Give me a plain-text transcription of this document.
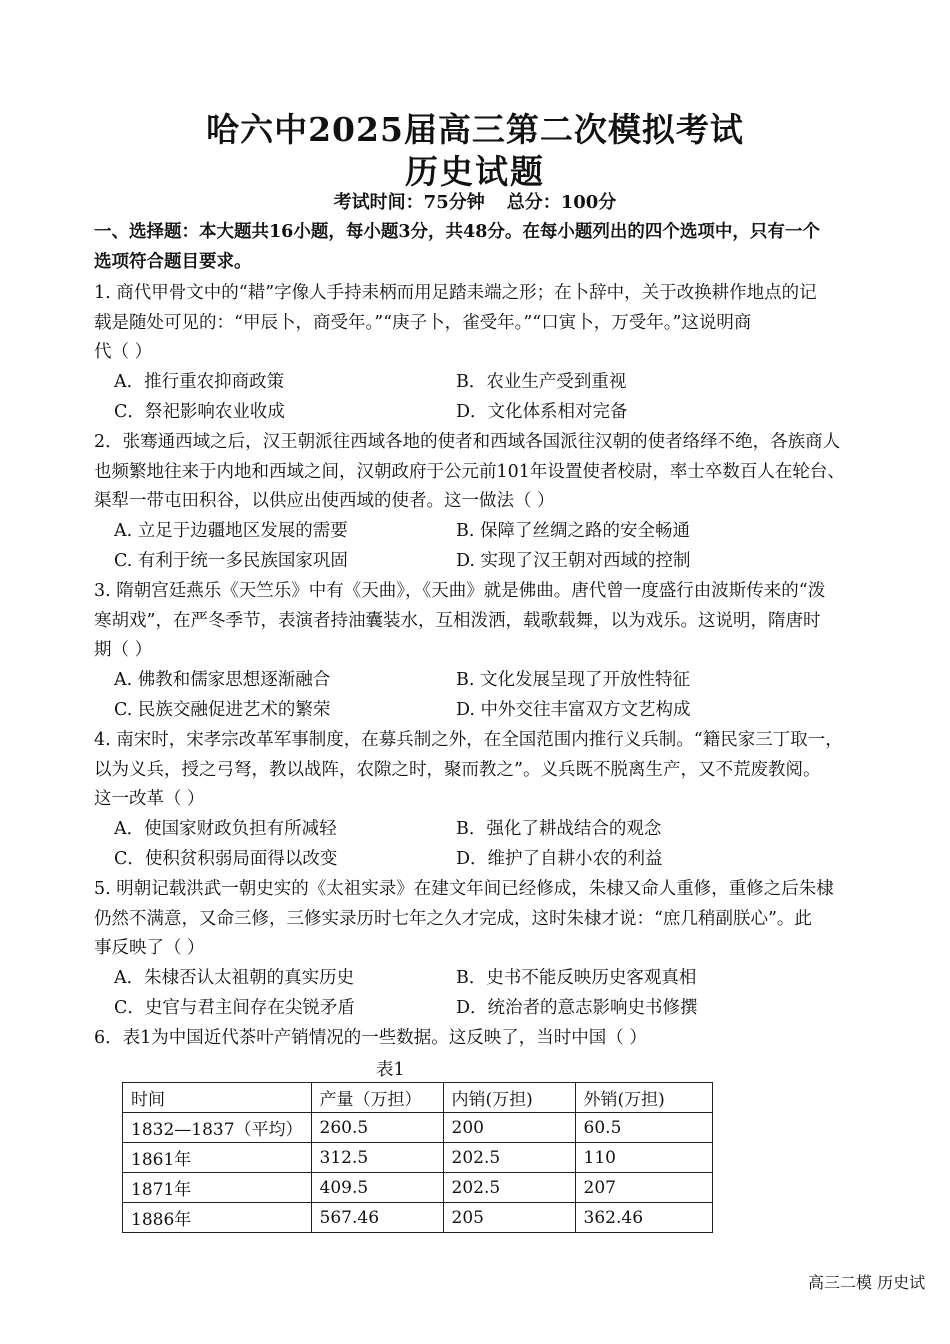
哈六中2025届高三第二次模拟考试
历史试题
考试时间：75分钟 总分：100分
一、选择题：本大题共16小题，每小题3分，共48分。在每小题列出的四个选项中，只有一个
选项符合题目要求。
1. 商代甲骨文中的“耤”字像人手持耒柄而用足踏耒端之形；在卜辞中，关于改换耕作地点的记
载是随处可见的：“甲辰卜，商受年。”“庚子卜，雀受年。”“口寅卜，万受年。”这说明商
代（ ）
A．推行重农抑商政策	B．农业生产受到重视
C．祭祀影响农业收成	D．文化体系相对完备
2．张骞通西域之后，汉王朝派往西域各地的使者和西域各国派往汉朝的使者络绎不绝，各族商人
也频繁地往来于内地和西域之间，汉朝政府于公元前101年设置使者校尉，率士卒数百人在轮台、
渠犁一带屯田积谷，以供应出使西域的使者。这一做法（ ）
A. 立足于边疆地区发展的需要	B. 保障了丝绸之路的安全畅通
C. 有利于统一多民族国家巩固	D. 实现了汉王朝对西域的控制
3. 隋朝宫廷燕乐《天竺乐》中有《天曲》，《天曲》就是佛曲。唐代曾一度盛行由波斯传来的“泼
寒胡戏”，在严冬季节，表演者持油囊装水，互相泼洒，载歌载舞，以为戏乐。这说明，隋唐时
期（ ）
A. 佛教和儒家思想逐渐融合	B. 文化发展呈现了开放性特征
C. 民族交融促进艺术的繁荣	D. 中外交往丰富双方文艺构成
4. 南宋时，宋孝宗改革军事制度，在募兵制之外，在全国范围内推行义兵制。“籍民家三丁取一，
以为义兵，授之弓弩，教以战阵，农隙之时，聚而教之”。义兵既不脱离生产，又不荒废教阅。
这一改革（ ）
A．使国家财政负担有所减轻	B．强化了耕战结合的观念
C．使积贫积弱局面得以改变	D．维护了自耕小农的利益
5. 明朝记载洪武一朝史实的《太祖实录》在建文年间已经修成，朱棣又命人重修，重修之后朱棣
仍然不满意，又命三修，三修实录历时七年之久才完成，这时朱棣才说：“庶几稍副朕心”。此
事反映了（ ）
A．朱棣否认太祖朝的真实历史	B．史书不能反映历史客观真相
C．史官与君主间存在尖锐矛盾	D．统治者的意志影响史书修撰
6．表1为中国近代茶叶产销情况的一些数据。这反映了，当时中国（ ）
表1
时间	产量（万担）	内销(万担)	外销(万担)
1832—1837（平均）	260.5	200	60.5
1861年	312.5	202.5	110
1871年	409.5	202.5	207
1886年	567.46	205	362.46
高三二模 历史试
